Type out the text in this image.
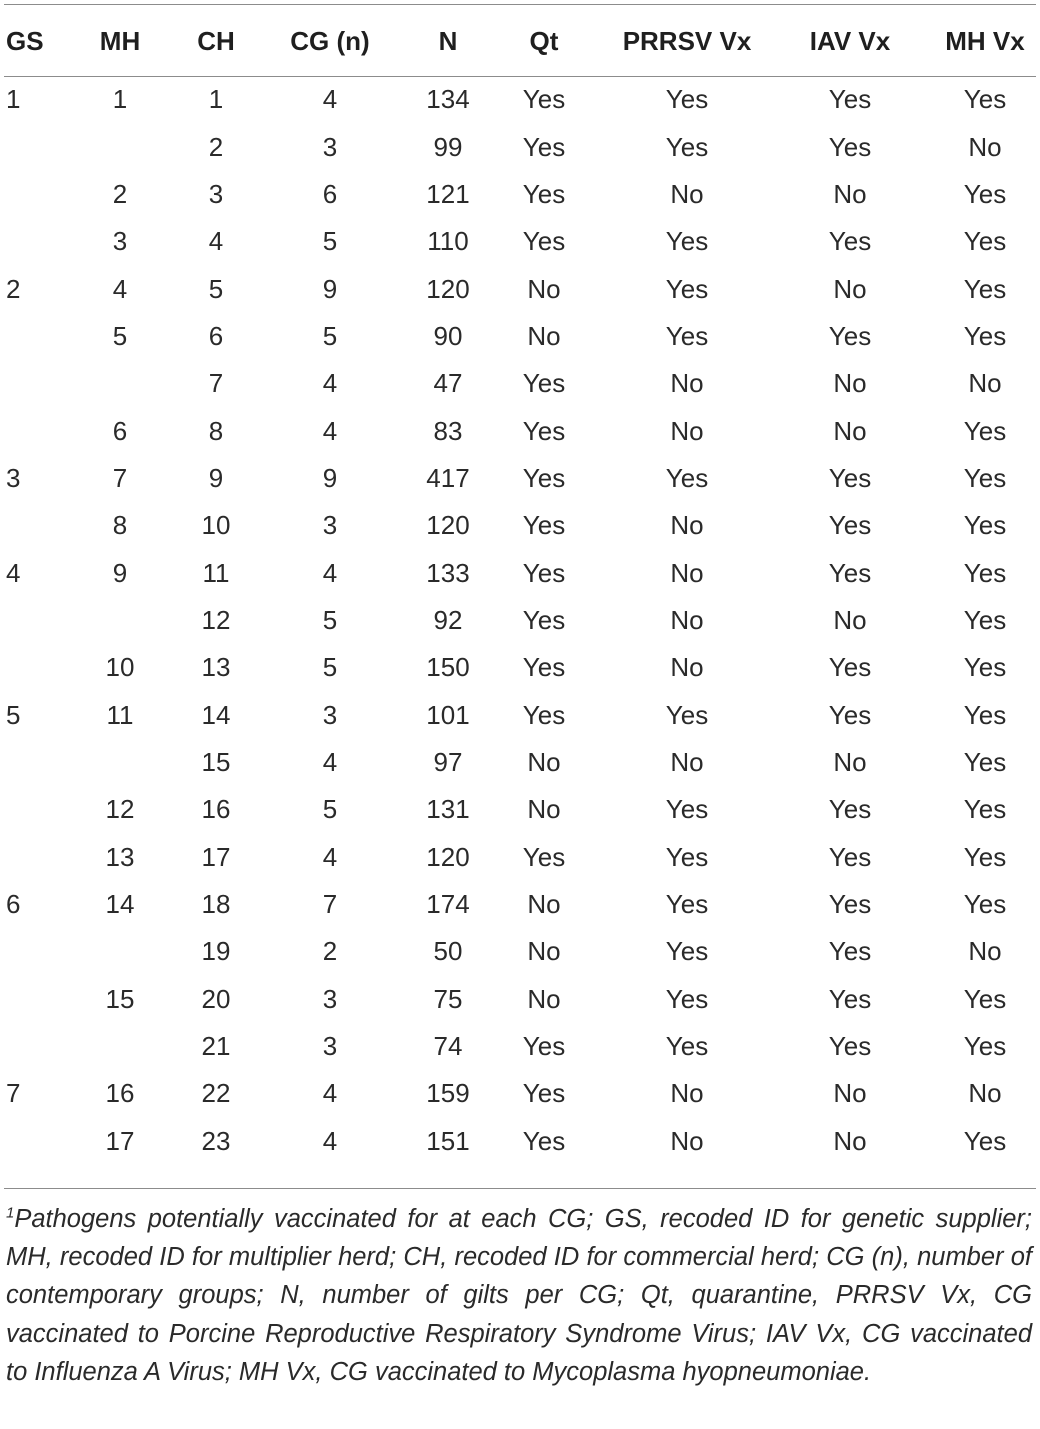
GS	MH	CH	CG (n)	N	Qt	PRRSV Vx	IAV Vx	MH Vx
1	1	1	4	134	Yes	Yes	Yes	Yes
		2	3	99	Yes	Yes	Yes	No
	2	3	6	121	Yes	No	No	Yes
	3	4	5	110	Yes	Yes	Yes	Yes
2	4	5	9	120	No	Yes	No	Yes
	5	6	5	90	No	Yes	Yes	Yes
		7	4	47	Yes	No	No	No
	6	8	4	83	Yes	No	No	Yes
3	7	9	9	417	Yes	Yes	Yes	Yes
	8	10	3	120	Yes	No	Yes	Yes
4	9	11	4	133	Yes	No	Yes	Yes
		12	5	92	Yes	No	No	Yes
	10	13	5	150	Yes	No	Yes	Yes
5	11	14	3	101	Yes	Yes	Yes	Yes
		15	4	97	No	No	No	Yes
	12	16	5	131	No	Yes	Yes	Yes
	13	17	4	120	Yes	Yes	Yes	Yes
6	14	18	7	174	No	Yes	Yes	Yes
		19	2	50	No	Yes	Yes	No
	15	20	3	75	No	Yes	Yes	Yes
		21	3	74	Yes	Yes	Yes	Yes
7	16	22	4	159	Yes	No	No	No
	17	23	4	151	Yes	No	No	Yes
$^1$Pathogens potentially vaccinated for at each CG; GS, recoded ID for genetic supplier; MH, recoded ID for multiplier herd; CH, recoded ID for commercial herd; CG (n), number of contemporary groups; N, number of gilts per CG; Qt, quarantine, PRRSV Vx, CG vaccinated to Porcine Reproductive Respiratory Syndrome Virus; IAV Vx, CG vaccinated to Influenza A Virus; MH Vx, CG vaccinated to Mycoplasma hyopneumoniae.
